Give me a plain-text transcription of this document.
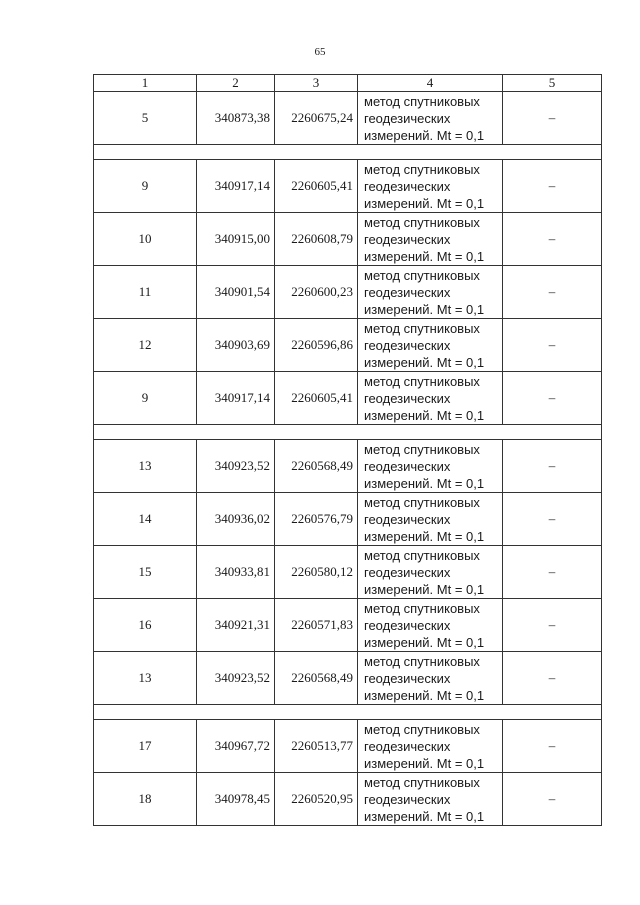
65
1	2	3	4	5
5	340873,38	2260675,24	метод спутниковых
геодезических
измерений. Mt = 0,1	–

9	340917,14	2260605,41	метод спутниковых
геодезических
измерений. Mt = 0,1	–
10	340915,00	2260608,79	метод спутниковых
геодезических
измерений. Mt = 0,1	–
11	340901,54	2260600,23	метод спутниковых
геодезических
измерений. Mt = 0,1	–
12	340903,69	2260596,86	метод спутниковых
геодезических
измерений. Mt = 0,1	–
9	340917,14	2260605,41	метод спутниковых
геодезических
измерений. Mt = 0,1	–

13	340923,52	2260568,49	метод спутниковых
геодезических
измерений. Mt = 0,1	–
14	340936,02	2260576,79	метод спутниковых
геодезических
измерений. Mt = 0,1	–
15	340933,81	2260580,12	метод спутниковых
геодезических
измерений. Mt = 0,1	–
16	340921,31	2260571,83	метод спутниковых
геодезических
измерений. Mt = 0,1	–
13	340923,52	2260568,49	метод спутниковых
геодезических
измерений. Mt = 0,1	–

17	340967,72	2260513,77	метод спутниковых
геодезических
измерений. Mt = 0,1	–
18	340978,45	2260520,95	метод спутниковых
геодезических
измерений. Mt = 0,1	–
